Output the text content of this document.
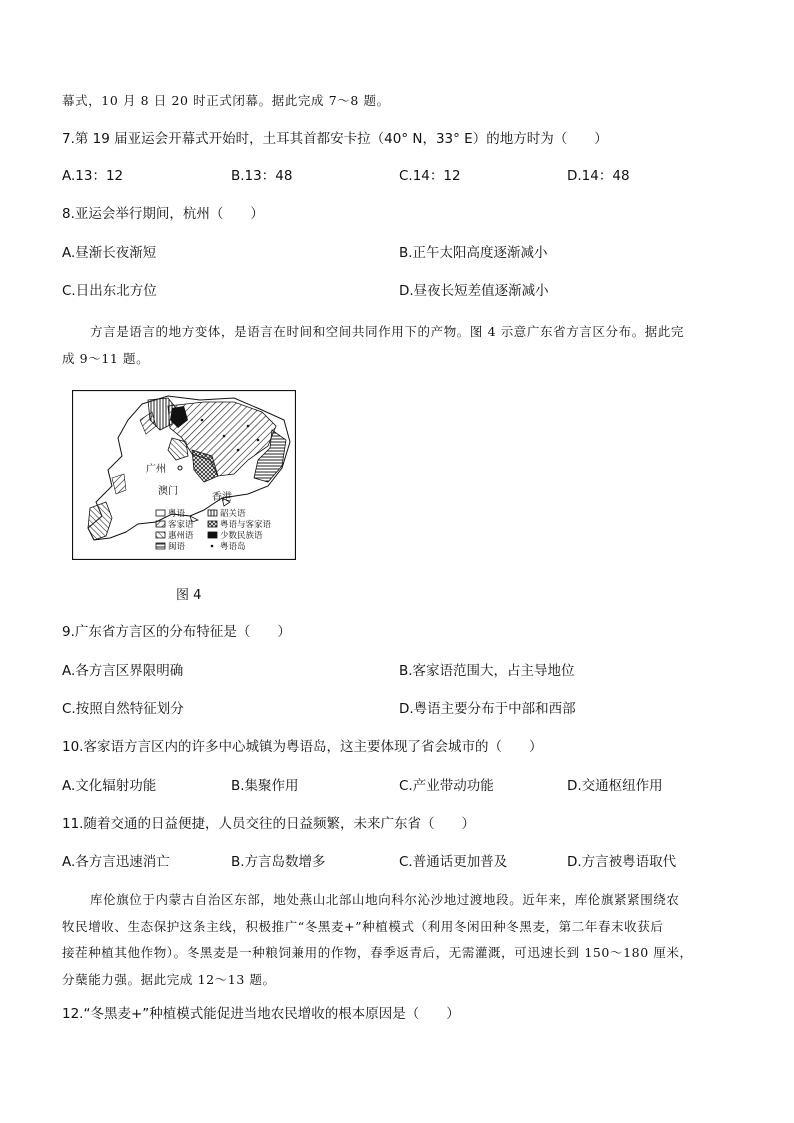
幕式，10 月 8 日 20 时正式闭幕。据此完成 7～8 题。
7.第 19 届亚运会开幕式开始时，土耳其首都安卡拉（40° N，33° E）的地方时为（　　）
A.13：12	B.13：48	C.14：12	D.14：48
8.亚运会举行期间，杭州（　　）
A.昼渐长夜渐短	B.正午太阳高度逐渐减小
C.日出东北方位	D.昼夜长短差值逐渐减小
方言是语言的地方变体，是语言在时间和空间共同作用下的产物。图 4 示意广东省方言区分布。据此完
成 9～11 题。
广州
澳门
香港
粤语	韶关语
客家语	粤语与客家语
惠州语	少数民族语
闽语	粤语岛
图 4
9.广东省方言区的分布特征是（　　）
A.各方言区界限明确	B.客家语范围大，占主导地位
C.按照自然特征划分	D.粤语主要分布于中部和西部
10.客家语方言区内的许多中心城镇为粤语岛，这主要体现了省会城市的（　　）
A.文化辐射功能	B.集聚作用	C.产业带动功能	D.交通枢纽作用
11.随着交通的日益便捷，人员交往的日益频繁，未来广东省（　　）
A.各方言迅速消亡	B.方言岛数增多	C.普通话更加普及	D.方言被粤语取代
库伦旗位于内蒙古自治区东部，地处燕山北部山地向科尔沁沙地过渡地段。近年来，库伦旗紧紧围绕农
牧民增收、生态保护这条主线，积极推广“冬黑麦+”种植模式（利用冬闲田种冬黑麦，第二年春末收获后
接茬种植其他作物）。冬黑麦是一种粮饲兼用的作物，春季返青后，无需灌溉，可迅速长到 150～180 厘米，
分蘖能力强。据此完成 12～13 题。
12.“冬黑麦+”种植模式能促进当地农民增收的根本原因是（　　）
